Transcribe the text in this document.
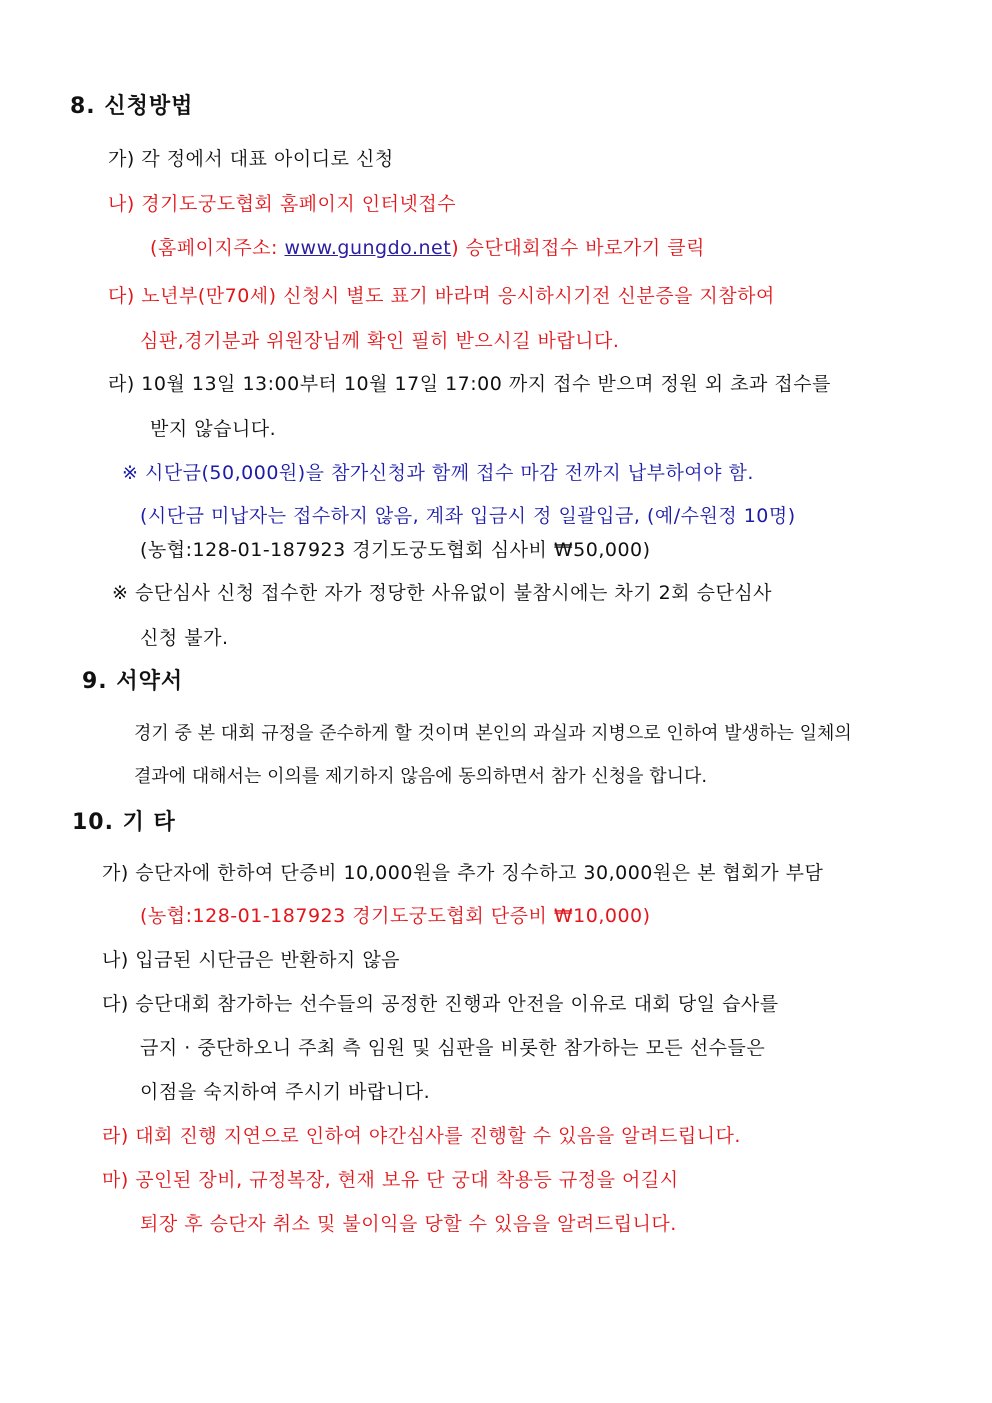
8. 신청방법
가) 각 정에서 대표 아이디로 신청
나) 경기도궁도협회 홈페이지 인터넷접수
(홈페이지주소: www.gungdo.net) 승단대회접수 바로가기 클릭
다) 노년부(만70세) 신청시 별도 표기 바라며 응시하시기전 신분증을 지참하여
심판,경기분과 위원장님께 확인 필히 받으시길 바랍니다.
라) 10월 13일 13:00부터 10월 17일 17:00 까지 접수 받으며 정원 외 초과 접수를
받지 않습니다.
※ 시단금(50,000원)을 참가신청과 함께 접수 마감 전까지 납부하여야 함.
(시단금 미납자는 접수하지 않음, 계좌 입금시 정 일괄입금, (예/수원정 10명)
(농협:128-01-187923 경기도궁도협회 심사비 ₩50,000)
※ 승단심사 신청 접수한 자가 정당한 사유없이 불참시에는 차기 2회 승단심사
신청 불가.
9. 서약서
경기 중 본 대회 규정을 준수하게 할 것이며 본인의 과실과 지병으로 인하여 발생하는 일체의
결과에 대해서는 이의를 제기하지 않음에 동의하면서 참가 신청을 합니다.
10. 기 타
가) 승단자에 한하여 단증비 10,000원을 추가 징수하고 30,000원은 본 협회가 부담
(농협:128-01-187923 경기도궁도협회 단증비 ₩10,000)
나) 입금된 시단금은 반환하지 않음
다) 승단대회 참가하는 선수들의 공정한 진행과 안전을 이유로 대회 당일 습사를
금지 · 중단하오니 주최 측 임원 및 심판을 비롯한 참가하는 모든 선수들은
이점을 숙지하여 주시기 바랍니다.
라) 대회 진행 지연으로 인하여 야간심사를 진행할 수 있음을 알려드립니다.
마) 공인된 장비, 규정복장, 현재 보유 단 궁대 착용등 규정을 어길시
퇴장 후 승단자 취소 및 불이익을 당할 수 있음을 알려드립니다.
